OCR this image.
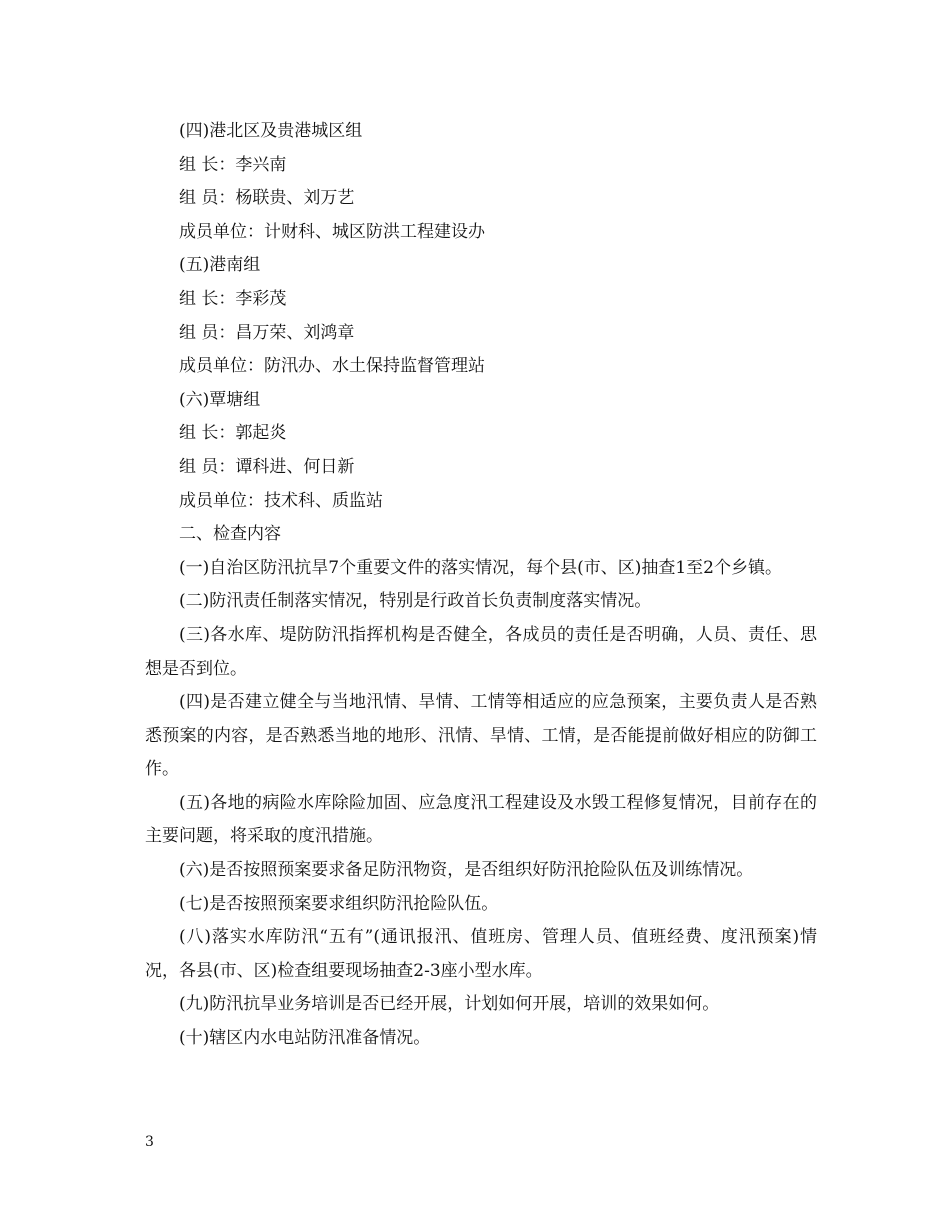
(四)港北区及贵港城区组

组 长：李兴南

组 员：杨联贵、刘万艺

成员单位：计财科、城区防洪工程建设办

(五)港南组

组 长：李彩茂

组 员：昌万荣、刘鸿章

成员单位：防汛办、水土保持监督管理站

(六)覃塘组

组 长：郭起炎

组 员：谭科进、何日新

成员单位：技术科、质监站

二、检查内容

(一)自治区防汛抗旱7个重要文件的落实情况，每个县(市、区)抽查1至2个乡镇。

(二)防汛责任制落实情况，特别是行政首长负责制度落实情况。

(三)各水库、堤防防汛指挥机构是否健全，各成员的责任是否明确，人员、责任、思想是否到位。

(四)是否建立健全与当地汛情、旱情、工情等相适应的应急预案，主要负责人是否熟悉预案的内容，是否熟悉当地的地形、汛情、旱情、工情，是否能提前做好相应的防御工作。

(五)各地的病险水库除险加固、应急度汛工程建设及水毁工程修复情况，目前存在的主要问题，将采取的度汛措施。

(六)是否按照预案要求备足防汛物资，是否组织好防汛抢险队伍及训练情况。

(七)是否按照预案要求组织防汛抢险队伍。

(八)落实水库防汛“五有”(通讯报汛、值班房、管理人员、值班经费、度汛预案)情况，各县(市、区)检查组要现场抽查2-3座小型水库。

(九)防汛抗旱业务培训是否已经开展，计划如何开展，培训的效果如何。

(十)辖区内水电站防汛准备情况。

3
